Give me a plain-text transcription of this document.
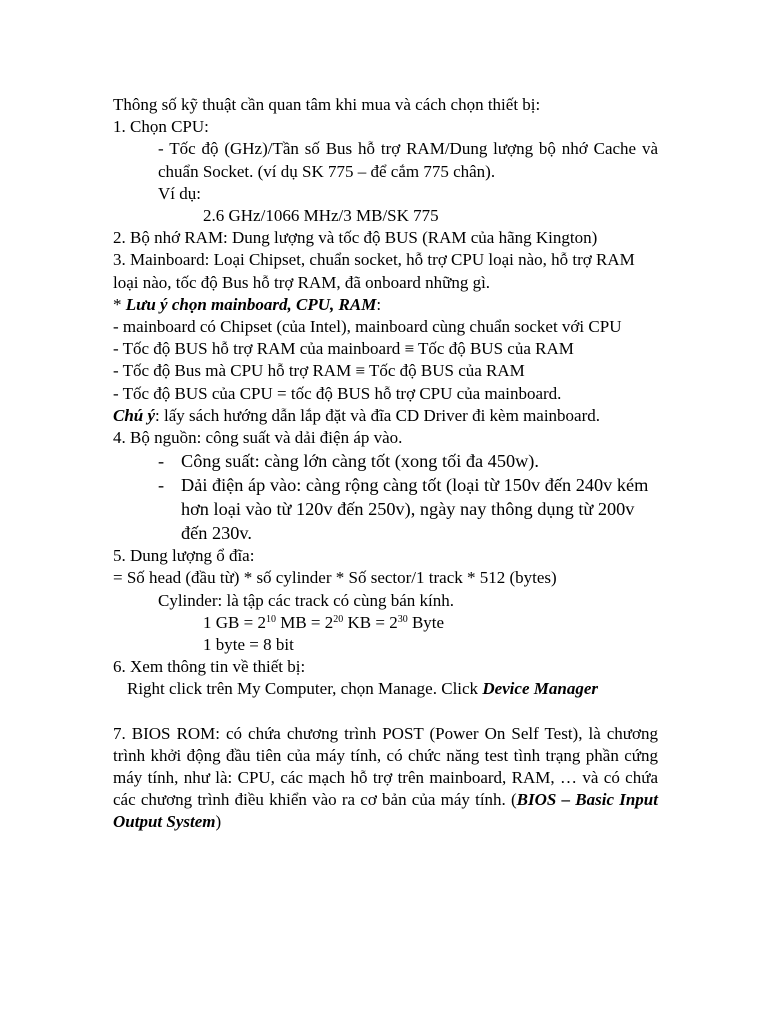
Thông số kỹ thuật cần quan tâm khi mua và cách chọn thiết bị:

1. Chọn CPU:

- Tốc độ (GHz)/Tần số Bus hỗ trợ RAM/Dung lượng bộ nhớ Cache và chuẩn Socket. (ví dụ SK 775 – để cắm 775 chân).

Ví dụ:

2.6 GHz/1066 MHz/3 MB/SK 775

2. Bộ nhớ RAM: Dung lượng và tốc độ BUS (RAM của hãng Kington)

3. Mainboard: Loại Chipset, chuẩn socket, hỗ trợ CPU loại nào, hỗ trợ RAM loại nào, tốc độ Bus hỗ trợ RAM, đã onboard những gì.

* Lưu ý chọn mainboard, CPU, RAM:

- mainboard có Chipset (của Intel), mainboard cùng chuẩn socket với CPU

- Tốc độ BUS hỗ trợ RAM của mainboard ≡ Tốc độ BUS của RAM

- Tốc độ Bus mà CPU hỗ trợ RAM ≡ Tốc độ BUS của RAM

- Tốc độ BUS của CPU = tốc độ BUS hỗ trợ CPU của mainboard.

Chú ý: lấy sách hướng dẫn lắp đặt và đĩa CD Driver đi kèm mainboard.

4. Bộ nguồn: công suất và dải điện áp vào.

- Công suất: càng lớn càng tốt (xong tối đa 450w).
- Dải điện áp vào: càng rộng càng tốt (loại từ 150v đến 240v kém hơn loại vào từ 120v đến 250v), ngày nay thông dụng từ 200v đến 230v.

5. Dung lượng ổ đĩa:

= Số head (đầu từ) * số cylinder * Số sector/1 track * 512 (bytes)

Cylinder: là tập các track có cùng bán kính.

1 GB = $2^{10}$ MB = $2^{20}$ KB = $2^{30}$ Byte

1 byte = 8 bit

6. Xem thông tin về thiết bị:

Right click trên My Computer, chọn Manage. Click Device Manager

7. BIOS ROM: có chứa chương trình POST (Power On Self Test), là chương trình khởi động đầu tiên của máy tính, có chức năng test tình trạng phần cứng máy tính, như là: CPU, các mạch hỗ trợ trên mainboard, RAM, … và có chứa các chương trình điều khiển vào ra cơ bản của máy tính. (BIOS – Basic Input Output System)
